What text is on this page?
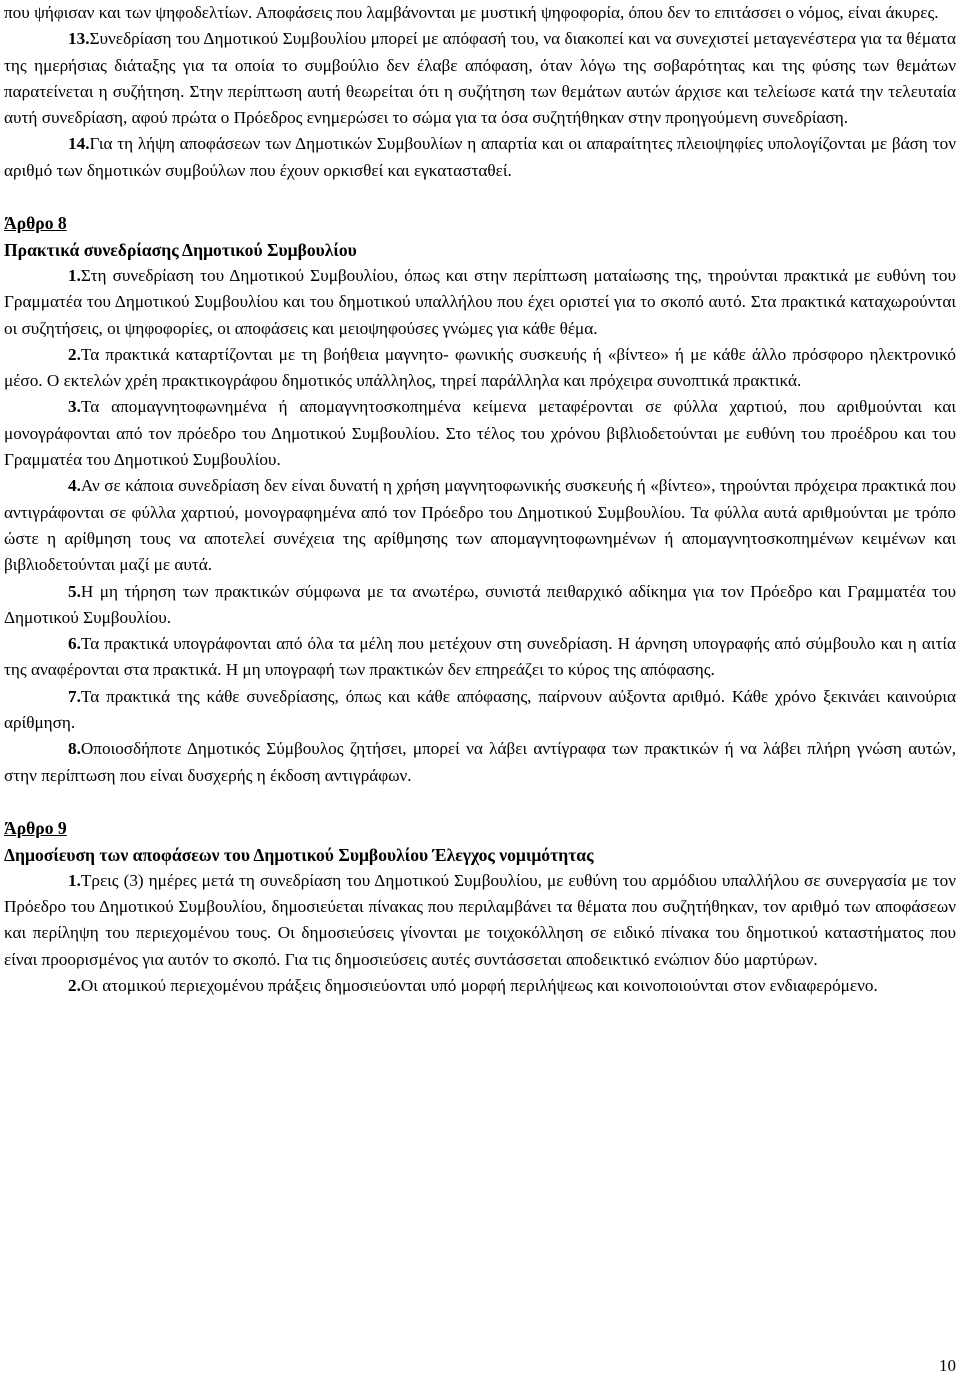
που ψήφισαν και των ψηφοδελτίων. Αποφάσεις που λαμβάνονται με μυστική ψηφοφορία, όπου δεν το επιτάσσει ο νόμος, είναι άκυρες.

13.Συνεδρίαση του Δημοτικού Συμβουλίου μπορεί με απόφασή του, να διακοπεί και να συνεχιστεί μεταγενέστερα για τα θέματα της ημερήσιας διάταξης για τα οποία το συμβούλιο δεν έλαβε απόφαση, όταν λόγω της σοβαρότητας και της φύσης των θεμάτων παρατείνεται η συζήτηση. Στην περίπτωση αυτή θεωρείται ότι η συζήτηση των θεμάτων αυτών άρχισε και τελείωσε κατά την τελευταία αυτή συνεδρίαση, αφού πρώτα ο Πρόεδρος ενημερώσει το σώμα για τα όσα συζητήθηκαν στην προηγούμενη συνεδρίαση.

14.Για τη λήψη αποφάσεων των Δημοτικών Συμβουλίων η απαρτία και οι απαραίτητες πλειοψηφίες υπολογίζονται με βάση τον αριθμό των δημοτικών συμβούλων που έχουν ορκισθεί και εγκατασταθεί.

Άρθρο 8

Πρακτικά συνεδρίασης Δημοτικού Συμβουλίου

1.Στη συνεδρίαση του Δημοτικού Συμβουλίου, όπως και στην περίπτωση ματαίωσης της, τηρούνται πρακτικά με ευθύνη του Γραμματέα του Δημοτικού Συμβουλίου και του δημοτικού υπαλλήλου που έχει οριστεί για το σκοπό αυτό. Στα πρακτικά καταχωρούνται οι συζητήσεις, οι ψηφοφορίες, οι αποφάσεις και μειοψηφούσες γνώμες για κάθε θέμα.

2.Τα πρακτικά καταρτίζονται με τη βοήθεια μαγνητο- φωνικής συσκευής ή «βίντεο» ή με κάθε άλλο πρόσφορο ηλεκτρονικό μέσο. Ο εκτελών χρέη πρακτικογράφου δημοτικός υπάλληλος, τηρεί παράλληλα και πρόχειρα συνοπτικά πρακτικά.

3.Τα απομαγνητοφωνημένα ή απομαγνητοσκοπημένα κείμενα μεταφέρονται σε φύλλα χαρτιού, που αριθμούνται και μονογράφονται από τον πρόεδρο του Δημοτικού Συμβουλίου. Στο τέλος του χρόνου βιβλιοδετούνται με ευθύνη του προέδρου και του Γραμματέα του Δημοτικού Συμβουλίου.

4.Αν σε κάποια συνεδρίαση δεν είναι δυνατή η χρήση μαγνητοφωνικής συσκευής ή «βίντεο», τηρούνται πρόχειρα πρακτικά που αντιγράφονται σε φύλλα χαρτιού, μονογραφημένα από τον Πρόεδρο του Δημοτικού Συμβουλίου. Τα φύλλα αυτά αριθμούνται με τρόπο ώστε η αρίθμηση τους να αποτελεί συνέχεια της αρίθμησης των απομαγνητοφωνημένων ή απομαγνητοσκοπημένων κειμένων και βιβλιοδετούνται μαζί με αυτά.

5.Η μη τήρηση των πρακτικών σύμφωνα με τα ανωτέρω, συνιστά πειθαρχικό αδίκημα για τον Πρόεδρο και Γραμματέα του Δημοτικού Συμβουλίου.

6.Τα πρακτικά υπογράφονται από όλα τα μέλη που μετέχουν στη συνεδρίαση. Η άρνηση υπογραφής από σύμβουλο και η αιτία της αναφέρονται στα πρακτικά. Η μη υπογραφή των πρακτικών δεν επηρεάζει το κύρος της απόφασης.

7.Τα πρακτικά της κάθε συνεδρίασης, όπως και κάθε απόφασης, παίρνουν αύξοντα αριθμό. Κάθε χρόνο ξεκινάει καινούρια αρίθμηση.

8.Οποιοσδήποτε Δημοτικός Σύμβουλος ζητήσει, μπορεί να λάβει αντίγραφα των πρακτικών ή να λάβει πλήρη γνώση αυτών, στην περίπτωση που είναι δυσχερής η έκδοση αντιγράφων.

Άρθρο 9

Δημοσίευση των αποφάσεων του Δημοτικού Συμβουλίου Έλεγχος νομιμότητας

1.Τρεις (3) ημέρες μετά τη συνεδρίαση του Δημοτικού Συμβουλίου, με ευθύνη του αρμόδιου υπαλλήλου σε συνεργασία με τον Πρόεδρο του Δημοτικού Συμβουλίου, δημοσιεύεται πίνακας που περιλαμβάνει τα θέματα που συζητήθηκαν, τον αριθμό των αποφάσεων και περίληψη του περιεχομένου τους. Οι δημοσιεύσεις γίνονται με τοιχοκόλληση σε ειδικό πίνακα του δημοτικού καταστήματος που είναι προορισμένος για αυτόν το σκοπό. Για τις δημοσιεύσεις αυτές συντάσσεται αποδεικτικό ενώπιον δύο μαρτύρων.

2.Οι ατομικού περιεχομένου πράξεις δημοσιεύονται υπό μορφή περιλήψεως και κοινοποιούνται στον ενδιαφερόμενο.

10
